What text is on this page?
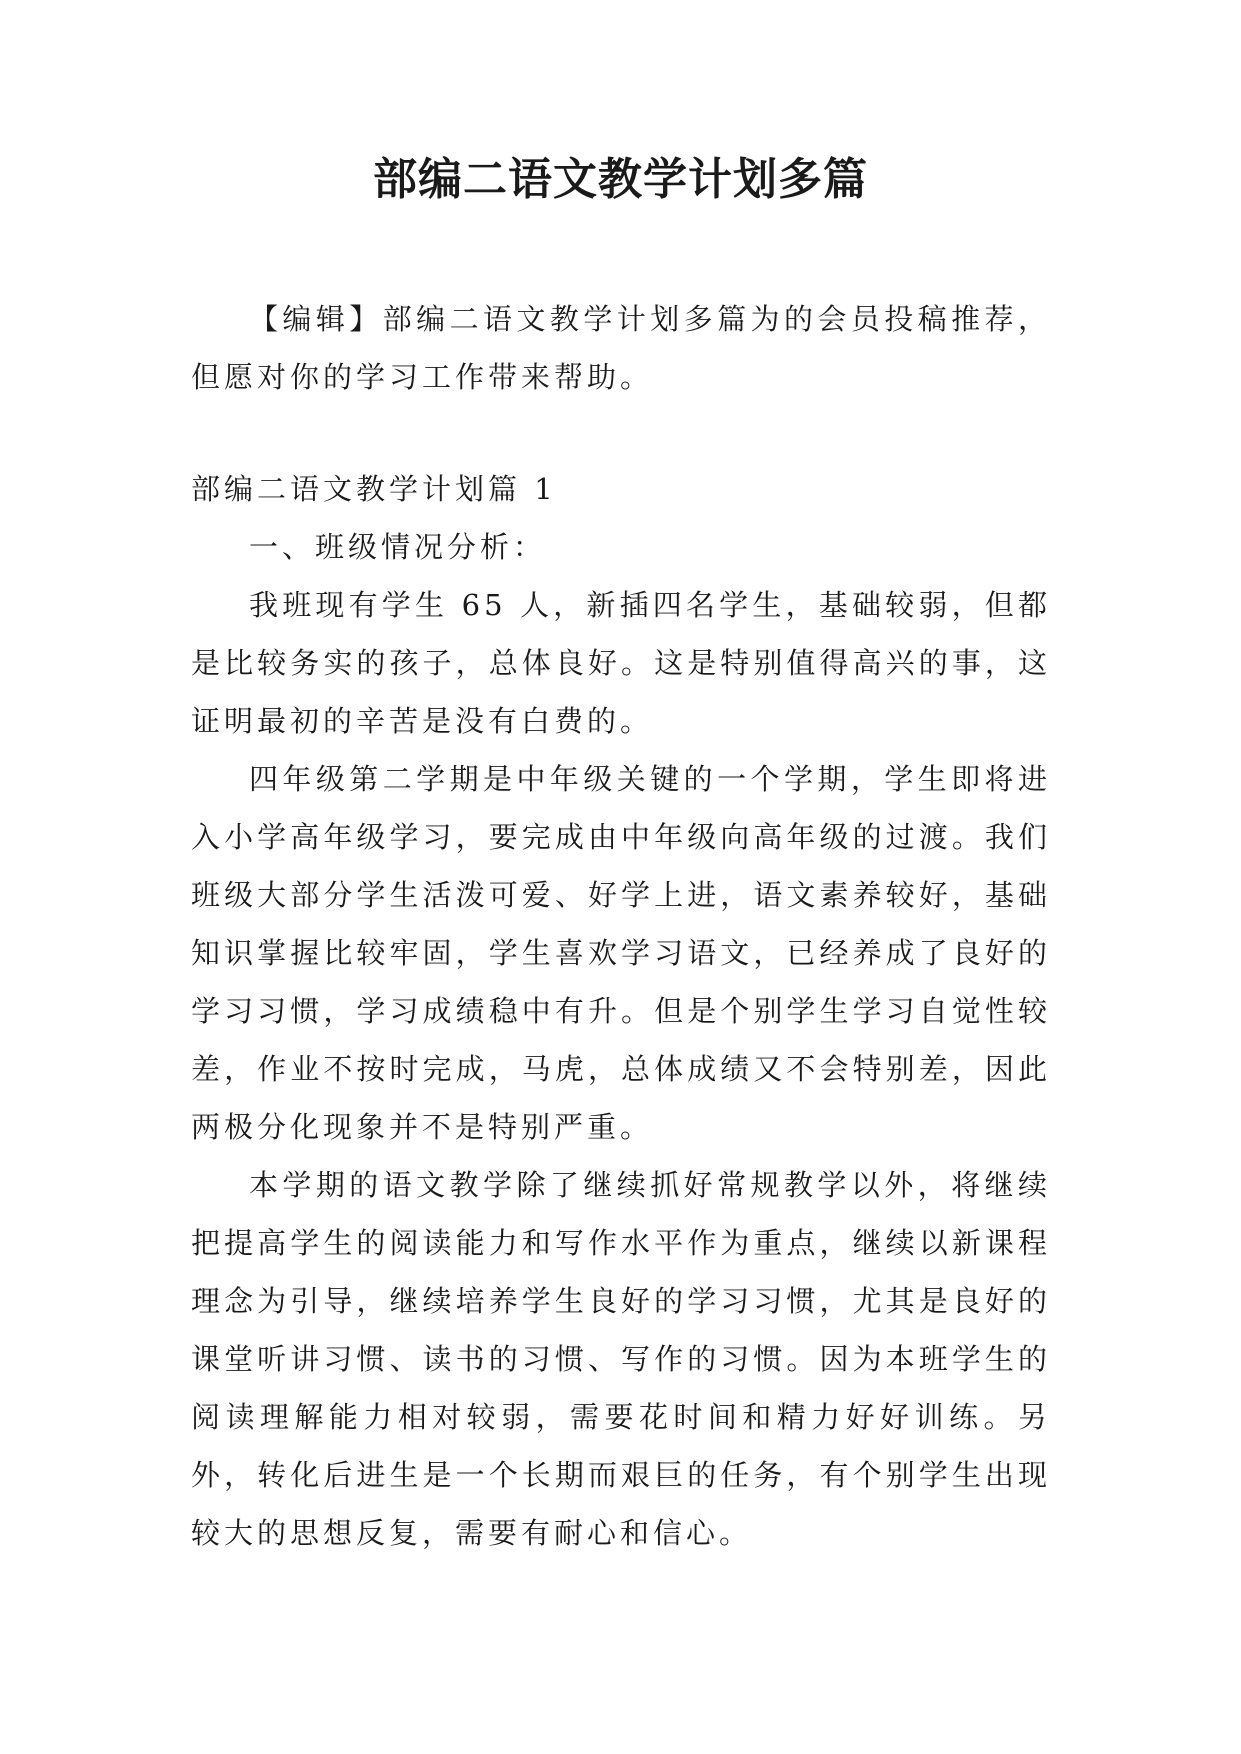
部编二语文教学计划多篇

【编辑】部编二语文教学计划多篇为的会员投稿推荐，但愿对你的学习工作带来帮助。

部编二语文教学计划篇 1

一、班级情况分析：

我班现有学生 65 人，新插四名学生，基础较弱，但都是比较务实的孩子，总体良好。这是特别值得高兴的事，这证明最初的辛苦是没有白费的。

四年级第二学期是中年级关键的一个学期，学生即将进入小学高年级学习，要完成由中年级向高年级的过渡。我们班级大部分学生活泼可爱、好学上进，语文素养较好，基础知识掌握比较牢固，学生喜欢学习语文，已经养成了良好的学习习惯，学习成绩稳中有升。但是个别学生学习自觉性较差，作业不按时完成，马虎，总体成绩又不会特别差，因此两极分化现象并不是特别严重。

本学期的语文教学除了继续抓好常规教学以外，将继续把提高学生的阅读能力和写作水平作为重点，继续以新课程理念为引导，继续培养学生良好的学习习惯，尤其是良好的课堂听讲习惯、读书的习惯、写作的习惯。因为本班学生的阅读理解能力相对较弱，需要花时间和精力好好训练。另外，转化后进生是一个长期而艰巨的任务，有个别学生出现较大的思想反复，需要有耐心和信心。
